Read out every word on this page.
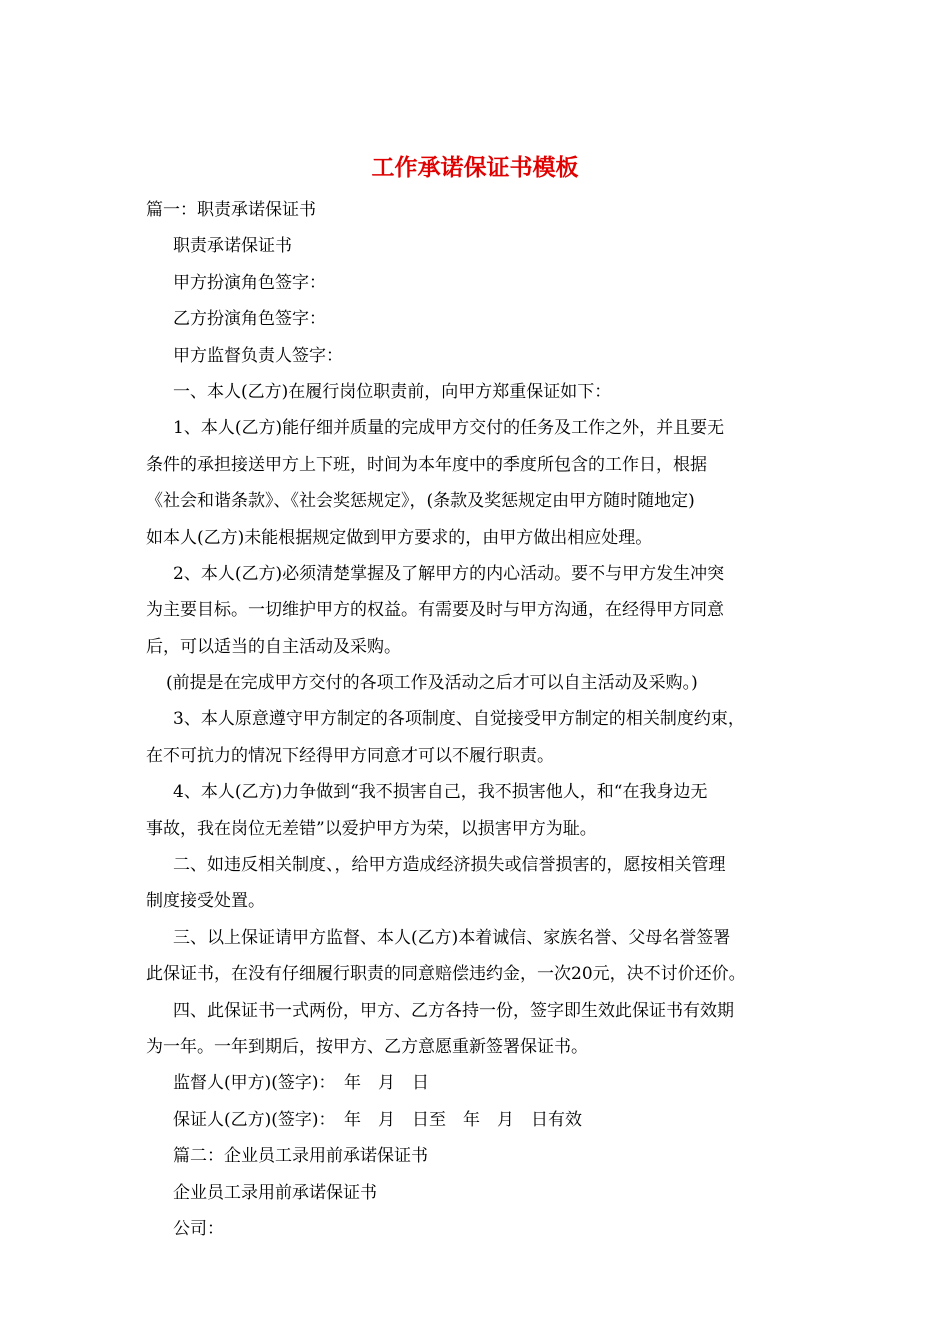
工作承诺保证书模板

篇一：职责承诺保证书

职责承诺保证书

甲方扮演角色签字：

乙方扮演角色签字：

甲方监督负责人签字：

一、本人(乙方)在履行岗位职责前，向甲方郑重保证如下：

1、本人(乙方)能仔细并质量的完成甲方交付的任务及工作之外，并且要无

条件的承担接送甲方上下班，时间为本年度中的季度所包含的工作日，根据

《社会和谐条款》、《社会奖惩规定》，(条款及奖惩规定由甲方随时随地定)

如本人(乙方)未能根据规定做到甲方要求的，由甲方做出相应处理。

2、本人(乙方)必须清楚掌握及了解甲方的内心活动。要不与甲方发生冲突

为主要目标。一切维护甲方的权益。有需要及时与甲方沟通，在经得甲方同意

后，可以适当的自主活动及采购。

(前提是在完成甲方交付的各项工作及活动之后才可以自主活动及采购。)

3、本人原意遵守甲方制定的各项制度、自觉接受甲方制定的相关制度约束，

在不可抗力的情况下经得甲方同意才可以不履行职责。

4、本人(乙方)力争做到“我不损害自己，我不损害他人，和“在我身边无

事故，我在岗位无差错”以爱护甲方为荣，以损害甲方为耻。

二、如违反相关制度、，给甲方造成经济损失或信誉损害的，愿按相关管理

制度接受处置。

三、以上保证请甲方监督、本人(乙方)本着诚信、家族名誉、父母名誉签署

此保证书，在没有仔细履行职责的同意赔偿违约金，一次20元，决不讨价还价。

四、此保证书一式两份，甲方、乙方各持一份，签字即生效此保证书有效期

为一年。一年到期后，按甲方、乙方意愿重新签署保证书。

监督人(甲方)(签字)：　年　月　日

保证人(乙方)(签字)：　年　月　日至　年　月　日有效

篇二：企业员工录用前承诺保证书

企业员工录用前承诺保证书

公司：
